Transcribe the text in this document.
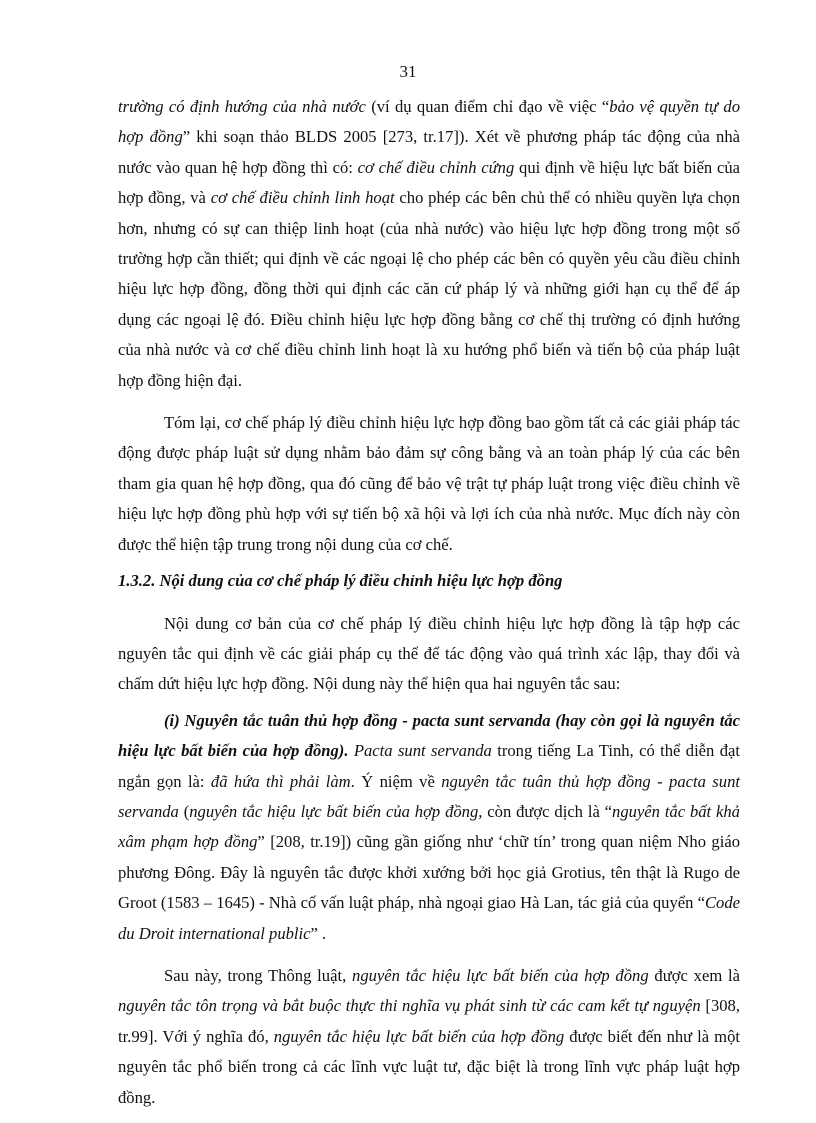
31

trường có định hướng của nhà nước (ví dụ quan điểm chỉ đạo về việc “bảo vệ quyền tự do hợp đồng” khi soạn thảo BLDS 2005 [273, tr.17]). Xét về phương pháp tác động của nhà nước vào quan hệ hợp đồng thì có: cơ chế điều chỉnh cứng qui định về hiệu lực bất biến của hợp đồng, và cơ chế điều chỉnh linh hoạt cho phép các bên chủ thể có nhiều quyền lựa chọn hơn, nhưng có sự can thiệp linh hoạt (của nhà nước) vào hiệu lực hợp đồng trong một số trường hợp cần thiết; qui định về các ngoại lệ cho phép các bên có quyền yêu cầu điều chỉnh hiệu lực hợp đồng, đồng thời qui định các căn cứ pháp lý và những giới hạn cụ thể để áp dụng các ngoại lệ đó. Điều chỉnh hiệu lực hợp đồng bằng cơ chế thị trường có định hướng của nhà nước và cơ chế điều chỉnh linh hoạt là xu hướng phổ biến và tiến bộ của pháp luật hợp đồng hiện đại.

Tóm lại, cơ chế pháp lý điều chỉnh hiệu lực hợp đồng bao gồm tất cả các giải pháp tác động được pháp luật sử dụng nhằm bảo đảm sự công bằng và an toàn pháp lý của các bên tham gia quan hệ hợp đồng, qua đó cũng để bảo vệ trật tự pháp luật trong việc điều chỉnh về hiệu lực hợp đồng phù hợp với sự tiến bộ xã hội và lợi ích của nhà nước. Mục đích này còn được thể hiện tập trung trong nội dung của cơ chế.

1.3.2. Nội dung của cơ chế pháp lý điều chỉnh hiệu lực hợp đồng

Nội dung cơ bản của cơ chế pháp lý điều chỉnh hiệu lực hợp đồng là tập hợp các nguyên tắc qui định về các giải pháp cụ thể để tác động vào quá trình xác lập, thay đổi và chấm dứt hiệu lực hợp đồng. Nội dung này thể hiện qua hai nguyên tắc sau:

(i) Nguyên tắc tuân thủ hợp đồng - pacta sunt servanda (hay còn gọi là nguyên tắc hiệu lực bất biến của hợp đồng). Pacta sunt servanda trong tiếng La Tinh, có thể diễn đạt ngắn gọn là: đã hứa thì phải làm. Ý niệm về nguyên tắc tuân thủ hợp đồng - pacta sunt servanda (nguyên tắc hiệu lực bất biến của hợp đồng, còn được dịch là “nguyên tắc bất khả xâm phạm hợp đồng” [208, tr.19]) cũng gần giống như ‘chữ tín’ trong quan niệm Nho giáo phương Đông. Đây là nguyên tắc được khởi xướng bởi học giả Grotius, tên thật là Rugo de Groot (1583 – 1645) - Nhà cố vấn luật pháp, nhà ngoại giao Hà Lan, tác giả của quyển “Code du Droit international public” .

Sau này, trong Thông luật, nguyên tắc hiệu lực bất biến của hợp đồng được xem là nguyên tắc tôn trọng và bắt buộc thực thi nghĩa vụ phát sinh từ các cam kết tự nguyện [308, tr.99]. Với ý nghĩa đó, nguyên tắc hiệu lực bất biến của hợp đồng được biết đến như là một nguyên tắc phổ biến trong cả các lĩnh vực luật tư, đặc biệt là trong lĩnh vực pháp luật hợp đồng.
